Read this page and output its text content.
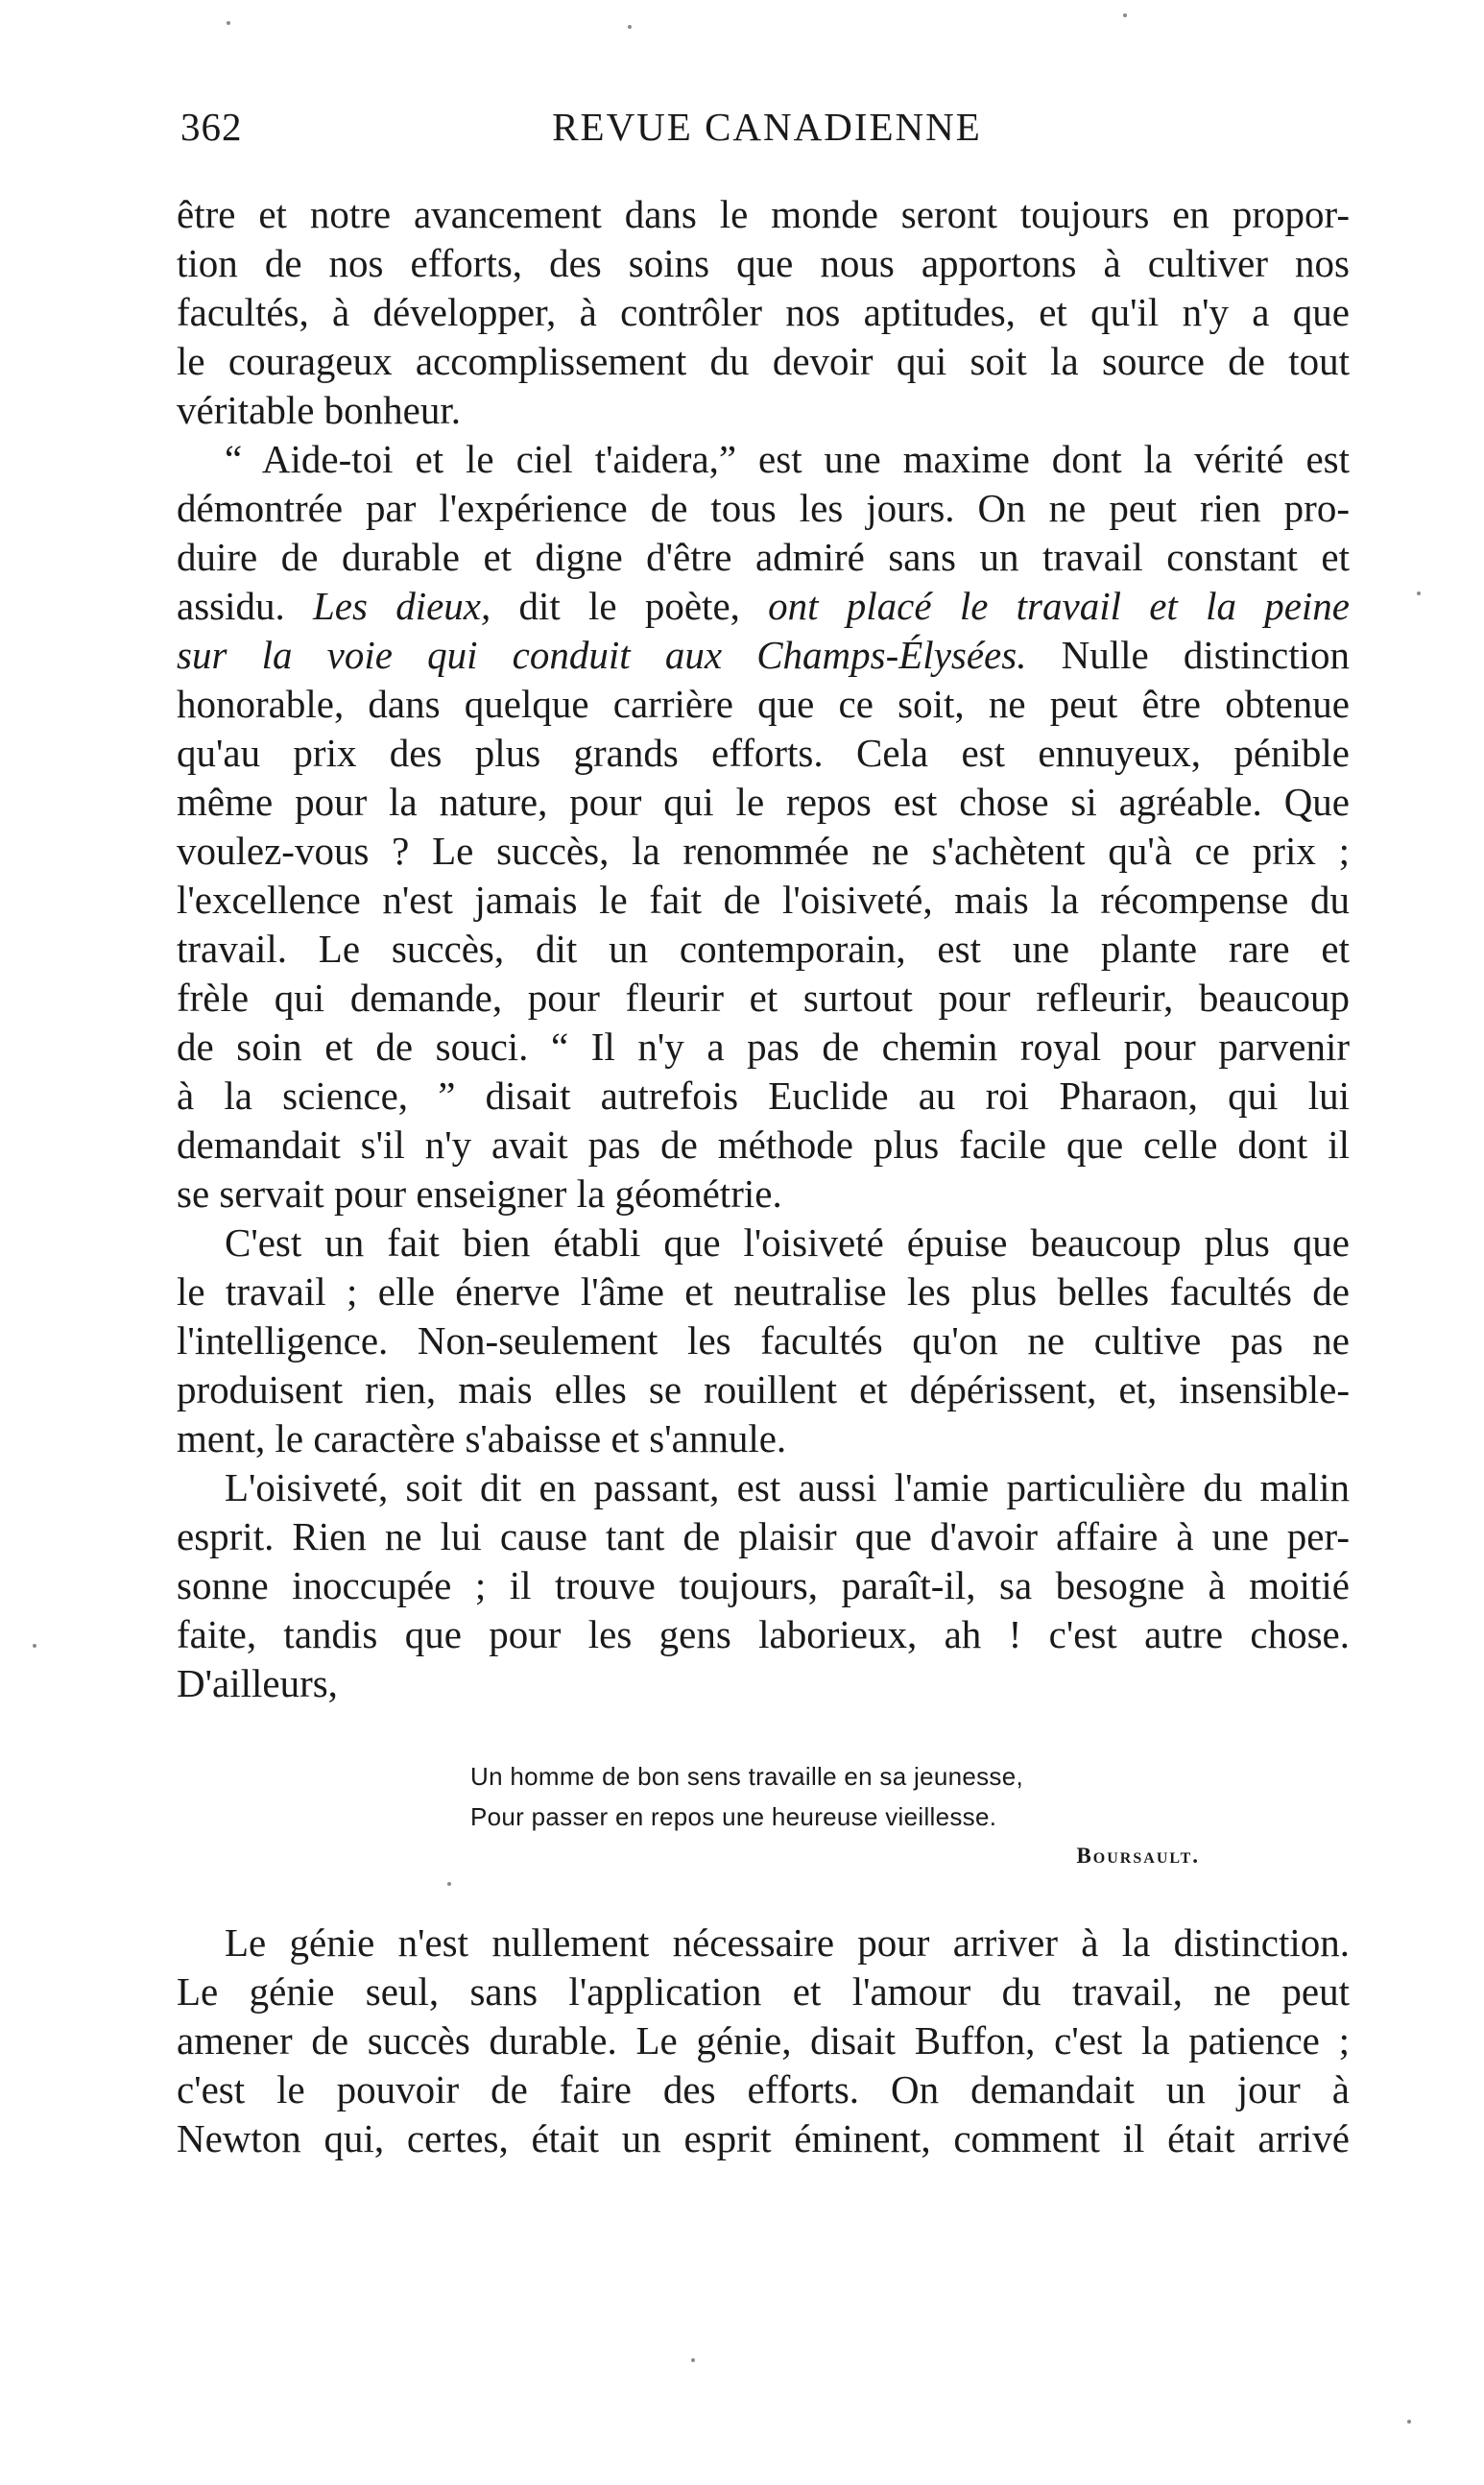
362	REVUE CANADIENNE
être et notre avancement dans le monde seront toujours en propor-
tion de nos efforts, des soins que nous apportons à cultiver nos
facultés, à développer, à contrôler nos aptitudes, et qu'il n'y a que
le courageux accomplissement du devoir qui soit la source de tout
véritable bonheur.
“ Aide-toi et le ciel t'aidera,” est une maxime dont la vérité est
démontrée par l'expérience de tous les jours. On ne peut rien pro-
duire de durable et digne d'être admiré sans un travail constant et
assidu. Les dieux, dit le poète, ont placé le travail et la peine
sur la voie qui conduit aux Champs-Élysées. Nulle distinction
honorable, dans quelque carrière que ce soit, ne peut être obtenue
qu'au prix des plus grands efforts. Cela est ennuyeux, pénible
même pour la nature, pour qui le repos est chose si agréable. Que
voulez-vous ? Le succès, la renommée ne s'achètent qu'à ce prix ;
l'excellence n'est jamais le fait de l'oisiveté, mais la récompense du
travail. Le succès, dit un contemporain, est une plante rare et
frèle qui demande, pour fleurir et surtout pour refleurir, beaucoup
de soin et de souci. “ Il n'y a pas de chemin royal pour parvenir
à la science, ” disait autrefois Euclide au roi Pharaon, qui lui
demandait s'il n'y avait pas de méthode plus facile que celle dont il
se servait pour enseigner la géométrie.
C'est un fait bien établi que l'oisiveté épuise beaucoup plus que
le travail ; elle énerve l'âme et neutralise les plus belles facultés de
l'intelligence. Non-seulement les facultés qu'on ne cultive pas ne
produisent rien, mais elles se rouillent et dépérissent, et, insensible-
ment, le caractère s'abaisse et s'annule.
L'oisiveté, soit dit en passant, est aussi l'amie particulière du malin
esprit. Rien ne lui cause tant de plaisir que d'avoir affaire à une per-
sonne inoccupée ; il trouve toujours, paraît-il, sa besogne à moitié
faite, tandis que pour les gens laborieux, ah ! c'est autre chose.
D'ailleurs,
Un homme de bon sens travaille en sa jeunesse,
Pour passer en repos une heureuse vieillesse.
Boursault.
Le génie n'est nullement nécessaire pour arriver à la distinction.
Le génie seul, sans l'application et l'amour du travail, ne peut
amener de succès durable. Le génie, disait Buffon, c'est la patience ;
c'est le pouvoir de faire des efforts. On demandait un jour à
Newton qui, certes, était un esprit éminent, comment il était arrivé
